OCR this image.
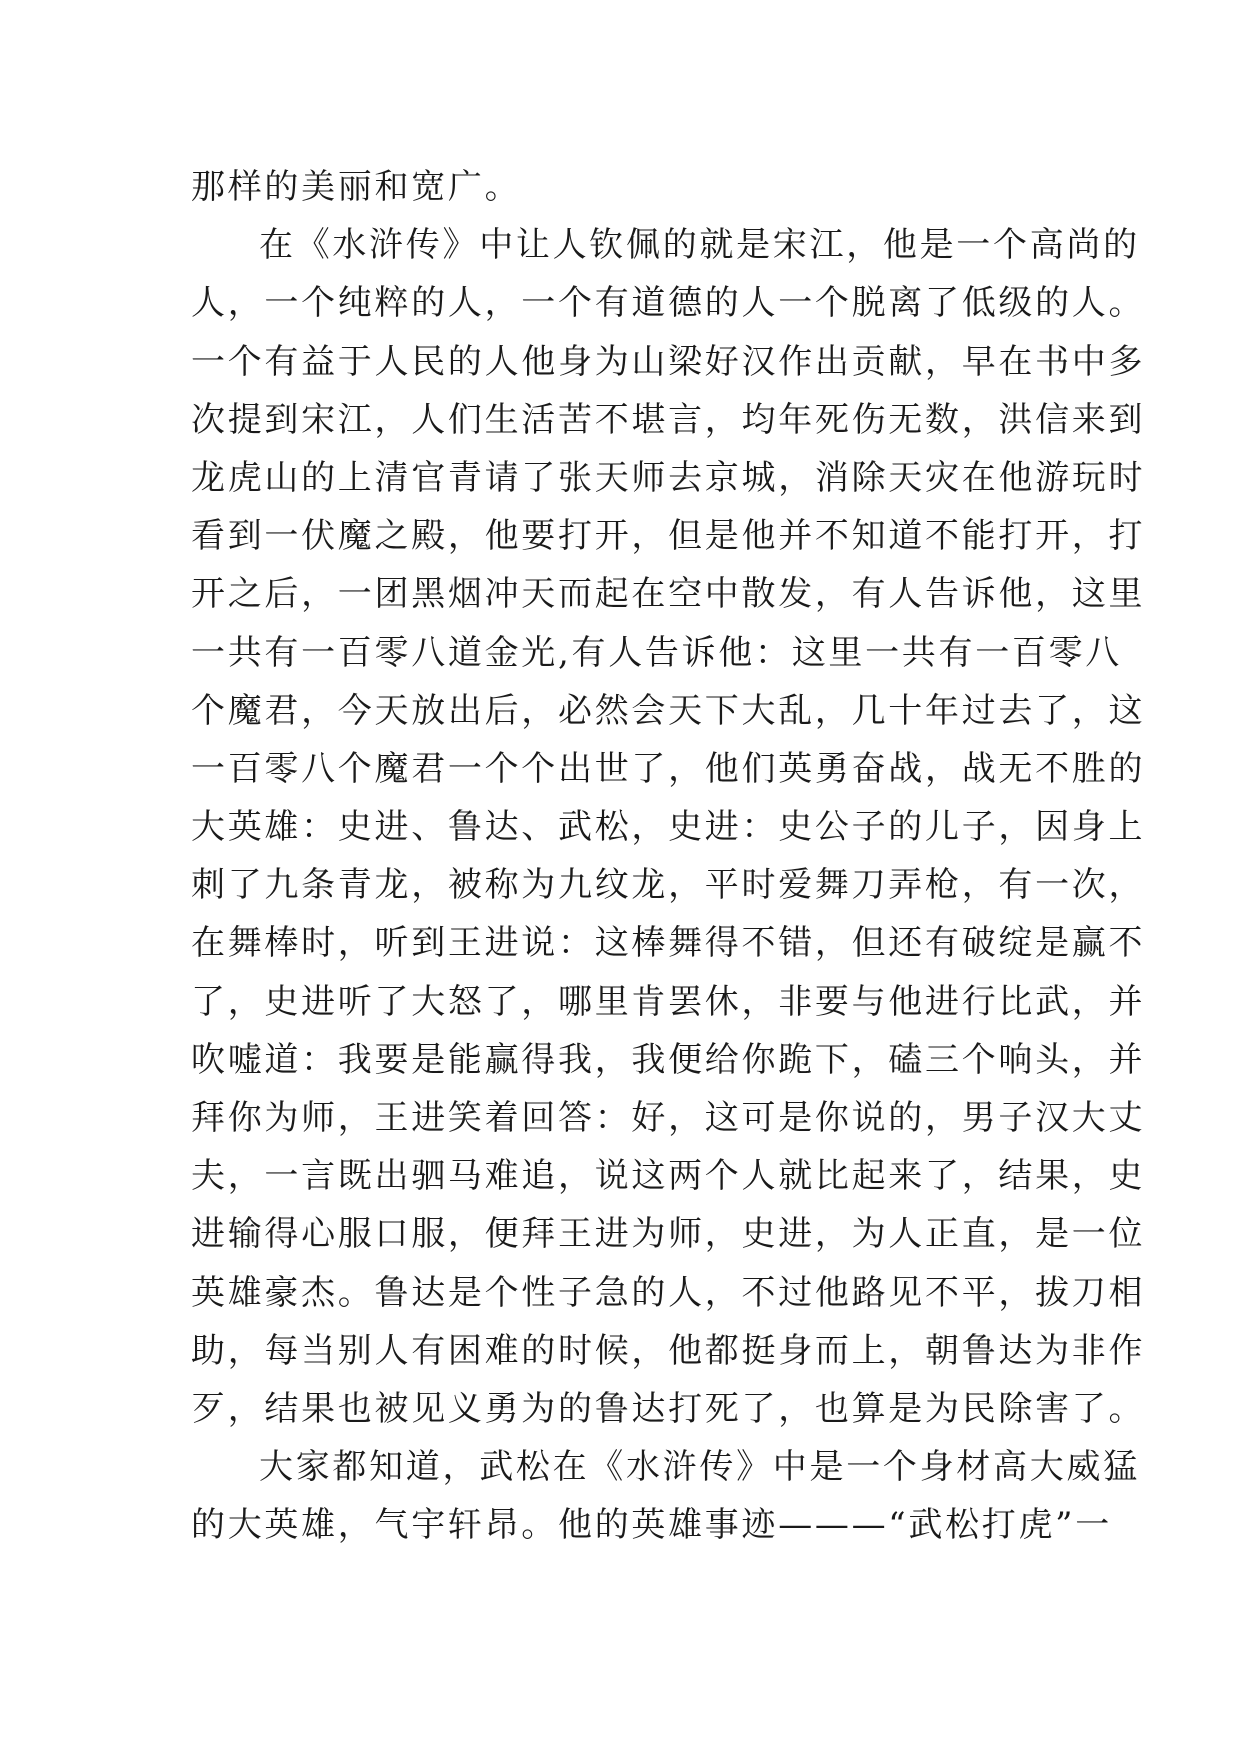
那样的美丽和宽广。
在《水浒传》中让人钦佩的就是宋江，他是一个高尚的
人，一个纯粹的人，一个有道德的人一个脱离了低级的人。
一个有益于人民的人他身为山梁好汉作出贡献，早在书中多
次提到宋江，人们生活苦不堪言，均年死伤无数，洪信来到
龙虎山的上清官青请了张天师去京城，消除天灾在他游玩时
看到一伏魔之殿，他要打开，但是他并不知道不能打开，打
开之后，一团黑烟冲天而起在空中散发，有人告诉他，这里
一共有一百零八道金光,有人告诉他：这里一共有一百零八
个魔君，今天放出后，必然会天下大乱，几十年过去了，这
一百零八个魔君一个个出世了，他们英勇奋战，战无不胜的
大英雄：史进、鲁达、武松，史进：史公子的儿子，因身上
刺了九条青龙，被称为九纹龙，平时爱舞刀弄枪，有一次，
在舞棒时，听到王进说：这棒舞得不错，但还有破绽是赢不
了，史进听了大怒了，哪里肯罢休，非要与他进行比武，并
吹嘘道：我要是能赢得我，我便给你跪下，磕三个响头，并
拜你为师，王进笑着回答：好，这可是你说的，男子汉大丈
夫，一言既出驷马难追，说这两个人就比起来了，结果，史
进输得心服口服，便拜王进为师，史进，为人正直，是一位
英雄豪杰。鲁达是个性子急的人，不过他路见不平，拔刀相
助，每当别人有困难的时候，他都挺身而上，朝鲁达为非作
歹，结果也被见义勇为的鲁达打死了，也算是为民除害了。
大家都知道，武松在《水浒传》中是一个身材高大威猛
的大英雄，气宇轩昂。他的英雄事迹———“武松打虎”一
